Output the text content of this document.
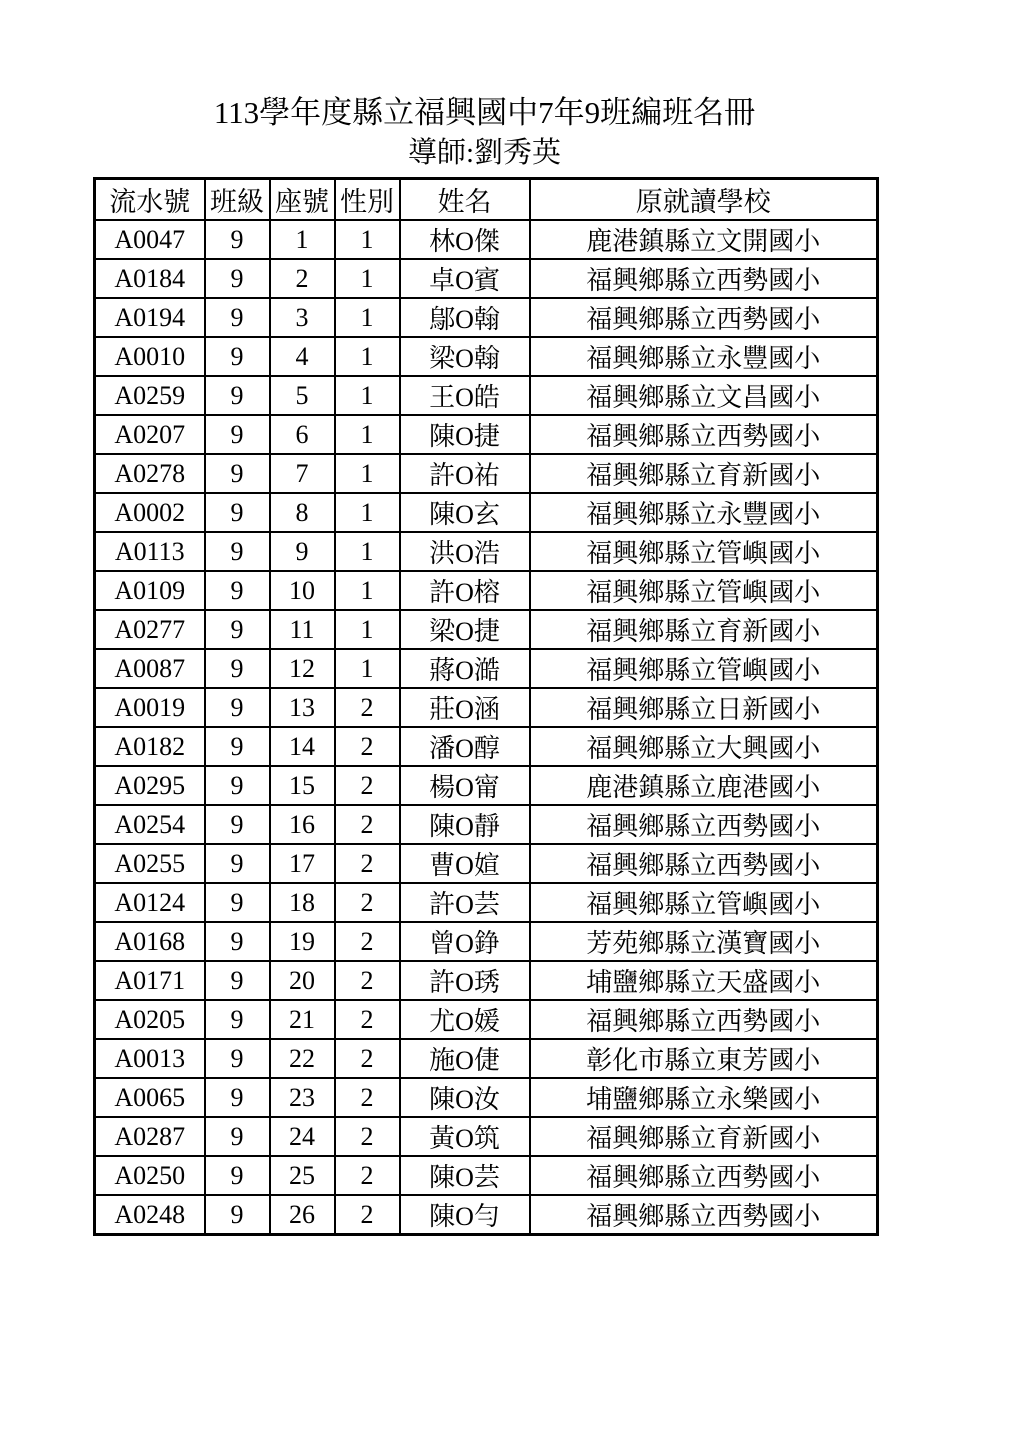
113學年度縣立福興國中7年9班編班名冊
導師:劉秀英
流水號	班級	座號	性別	姓名	原就讀學校
A0047	9	1	1	林O傑	鹿港鎮縣立文開國小
A0184	9	2	1	卓O賓	福興鄉縣立西勢國小
A0194	9	3	1	鄔O翰	福興鄉縣立西勢國小
A0010	9	4	1	梁O翰	福興鄉縣立永豐國小
A0259	9	5	1	王O皓	福興鄉縣立文昌國小
A0207	9	6	1	陳O捷	福興鄉縣立西勢國小
A0278	9	7	1	許O祐	福興鄉縣立育新國小
A0002	9	8	1	陳O玄	福興鄉縣立永豐國小
A0113	9	9	1	洪O浩	福興鄉縣立管嶼國小
A0109	9	10	1	許O榕	福興鄉縣立管嶼國小
A0277	9	11	1	梁O捷	福興鄉縣立育新國小
A0087	9	12	1	蔣O澔	福興鄉縣立管嶼國小
A0019	9	13	2	莊O涵	福興鄉縣立日新國小
A0182	9	14	2	潘O醇	福興鄉縣立大興國小
A0295	9	15	2	楊O甯	鹿港鎮縣立鹿港國小
A0254	9	16	2	陳O靜	福興鄉縣立西勢國小
A0255	9	17	2	曹O媗	福興鄉縣立西勢國小
A0124	9	18	2	許O芸	福興鄉縣立管嶼國小
A0168	9	19	2	曾O錚	芳苑鄉縣立漢寶國小
A0171	9	20	2	許O琇	埔鹽鄉縣立天盛國小
A0205	9	21	2	尤O媛	福興鄉縣立西勢國小
A0013	9	22	2	施O倢	彰化市縣立東芳國小
A0065	9	23	2	陳O汝	埔鹽鄉縣立永樂國小
A0287	9	24	2	黃O筑	福興鄉縣立育新國小
A0250	9	25	2	陳O芸	福興鄉縣立西勢國小
A0248	9	26	2	陳O勻	福興鄉縣立西勢國小
